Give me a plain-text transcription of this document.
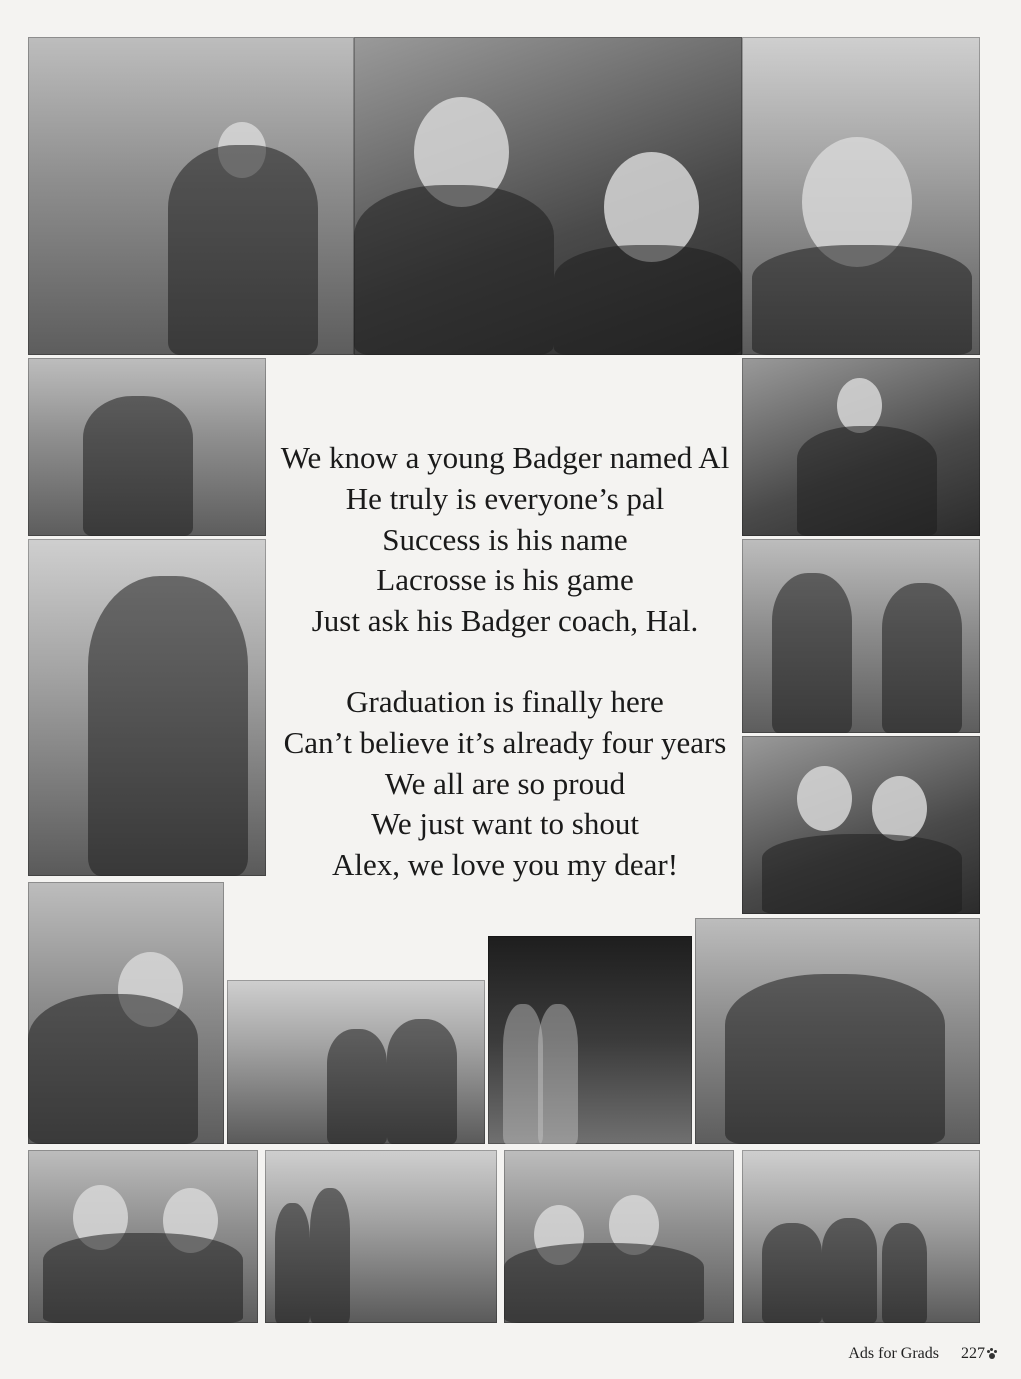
We know a young Badger named Al
He truly is everyone’s pal
Success is his name
Lacrosse is his game
Just ask his Badger coach, Hal.
Graduation is finally here
Can’t believe it’s already four years
We all are so proud
We just want to shout
Alex, we love you my dear!
Ads for Grads 227
